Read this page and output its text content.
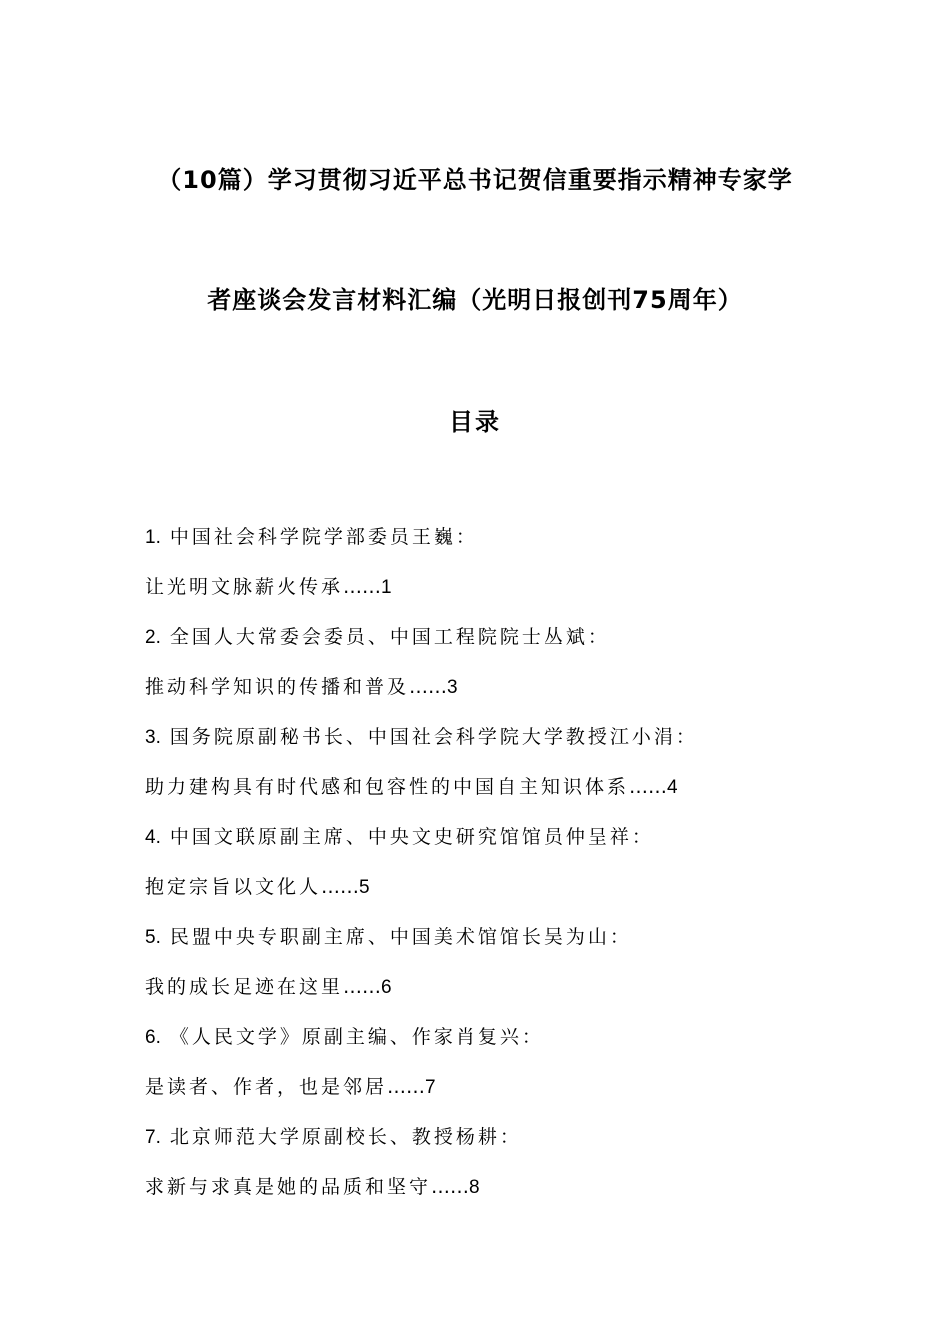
（10篇）学习贯彻习近平总书记贺信重要指示精神专家学
者座谈会发言材料汇编（光明日报创刊75周年）
目录
1. 中国社会科学院学部委员王巍：
让光明文脉薪火传承……1
2. 全国人大常委会委员、中国工程院院士丛斌：
推动科学知识的传播和普及……3
3. 国务院原副秘书长、中国社会科学院大学教授江小涓：
助力建构具有时代感和包容性的中国自主知识体系……4
4. 中国文联原副主席、中央文史研究馆馆员仲呈祥：
抱定宗旨以文化人……5
5. 民盟中央专职副主席、中国美术馆馆长吴为山：
我的成长足迹在这里……6
6. 《人民文学》原副主编、作家肖复兴：
是读者、作者，也是邻居……7
7. 北京师范大学原副校长、教授杨耕：
求新与求真是她的品质和坚守……8
